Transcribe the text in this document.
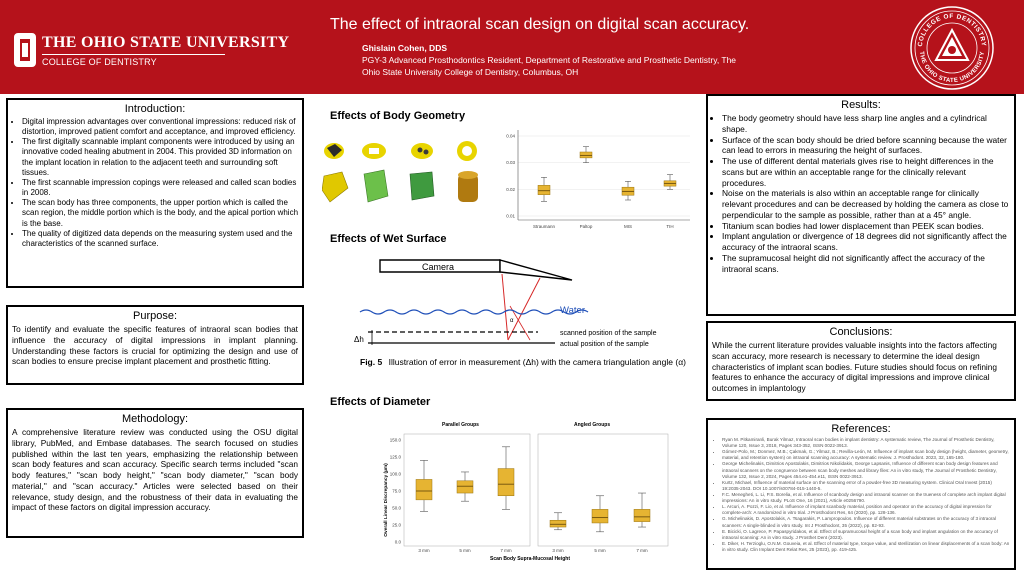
THE OHIO STATE UNIVERSITY
COLLEGE OF DENTISTRY
The effect of intraoral scan design on digital scan accuracy.
Ghislain Cohen, DDS
PGY-3 Advanced Prosthodontics Resident, Department of Restorative and Prosthetic Dentistry, The Ohio State University College of Dentistry, Columbus, OH
COLLEGE OF DENTISTRY
THE OHIO STATE UNIVERSITY
Introduction:
• Digital impression advantages over conventional impressions: reduced risk of distortion, improved patient comfort and acceptance, and improved efficiency.
• The first digitally scannable implant components were introduced by using an innovative coded healing abutment in 2004. This provided 3D information on the implant location in relation to the adjacent teeth and surrounding soft tissues.
• The first scannable impression copings were released and called scan bodies in 2008.
• The scan body has three components, the upper portion which is called the scan region, the middle portion which is the body, and the apical portion which is the base.
• The quality of digitized data depends on the measuring system used and the characteristics of the scanned surface.
Purpose:

To identify and evaluate the specific features of intraoral scan bodies that influence the accuracy of digital impressions in implant planning. Understanding these factors is crucial for optimizing the design and use of scan bodies to ensure precise implant placement and prosthetic fitting.

Methodology:

A comprehensive literature review was conducted using the OSU digital library, PubMed, and Embase databases. The search focused on studies published within the last ten years, emphasizing the relationship between scan body features and scan accuracy. Specific search terms included "scan body features," "scan body height," "scan body diameter," "scan body material," and "scan accuracy." Articles were selected based on their relevance, study design, and the robustness of their data in evaluating the impact of these factors on digital impression accuracy.

Effects of Body Geometry
0.04
0.03
0.02
0.01
Straumann	Paltop	MIS	TIH
Effects of Wet Surface
Camera
Water
scanned position of the sample
actual position of the sample
Δh
α
Fig. 5 Illustration of error in measurement (Δh) with the camera triangulation angle (α)
Effects of Diameter
Parallel Groups	Angled Groups
Overall Linear Discrepancy (µm)
Scan Body Supra-Mucosal Height
150.0
125.0
100.0
75.0
50.0
25.0
0.0
3 mm	5 mm	7 mm	3 mm	5 mm	7 mm
Results:
• The body geometry should have less sharp line angles and a cylindrical shape.
• Surface of the scan body should be dried before scanning because the water can lead to errors in measuring the height of surfaces.
• The use of different dental materials gives rise to height differences in the scans but are within an acceptable range for the clinically relevant procedures.
• Noise on the materials is also within an acceptable range for clinically relevant procedures and can be decreased by holding the camera as close to perpendicular to the sample as possible, rather than at a 45° angle.
• Titanium scan bodies had lower displacement than PEEK scan bodies.
• Implant angulation or divergence of 18 degrees did not significantly affect the accuracy of the intraoral scans.
• The supramucosal height did not significantly affect the accuracy of the intraoral scans.
Conclusions:

While the current literature provides valuable insights into the factors affecting scan accuracy, more research is necessary to determine the ideal design characteristics of implant scan bodies. Future studies should focus on refining features to enhance the accuracy of digital impressions and improve clinical outcomes in implantology

References:
• Ryan M. Pitkamiranli, Burak Yilmaz, Intraoral scan bodies in implant dentistry: A systematic review, The Journal of Prosthetic Dentistry, Volume 120, Issue 3, 2018, Pages 343-352, ISSN 0022-3913.
• Gómez-Polo, M.; Donmez, M.B.; Çakmak, G.; Yilmaz, B.; Revilla-León, M. Influence of implant scan body design (height, diameter, geometry, material, and retention system) on intraoral scanning accuracy: A systematic review. J. Prosthodont. 2023, 32, 165-180.
• George Michelinakis, Dimitrios Apostolakis, Dimitrios Nikolidakis, George Lapsanis, Influence of different scan body design features and intraoral scanners on the congruence between scan body meshes and library files: An in vitro study, The Journal of Prosthetic Dentistry, Volume 132, Issue 2, 2024, Pages 454.e1-454.e11, ISSN 0022-3913.
• Kurtz, Michael, Influence of material surface on the scanning error of a powder-free 3D measuring system. Clinical Oral Invest (2015) 19:2035-2043. DOI 10.1007/s00784-015-1440-5.
• F.C. Menegheti, L. Li, P.S. Borelia, et al. Influence of scanbody design and intraoral scanner on the trueness of complete arch implant digital impressions: An in vitro study. PLoS One, 16 (2021), Article e0256790.
• L. Arcuri, A. Pozzi, F. Lio, et al. Influence of implant scanbody material, position and operator on the accuracy of digital impression for complete-arch: A randomized in vitro trial. J Prosthodont Res, 64 (2020), pp. 128-136.
• G. Michelinakis, D. Apostolakis, A. Tsagarakis, P. Lampropoulos. Influence of different material substrates on the accuracy of 3 intraoral scanners: A single-blinded in vitro study. Int J Prosthodont, 35 (2022), pp. 82-93.
• E. Bicicki, O. Lagrece, P. Papaspyridakos, et al. Effect of supramucosal height of a scan body and implant angulation on the accuracy of intraoral scanning: An in vitro study. J Prosthet Dent (2023).
• E. Diker, H. Terzioglu, O.N.M. Gouveia, et al. Effect of material type, torque value, and sterilization on linear displacements of a scan body: An in vitro study. Clin Implant Dent Relat Res, 25 (2023), pp. 419-425.
